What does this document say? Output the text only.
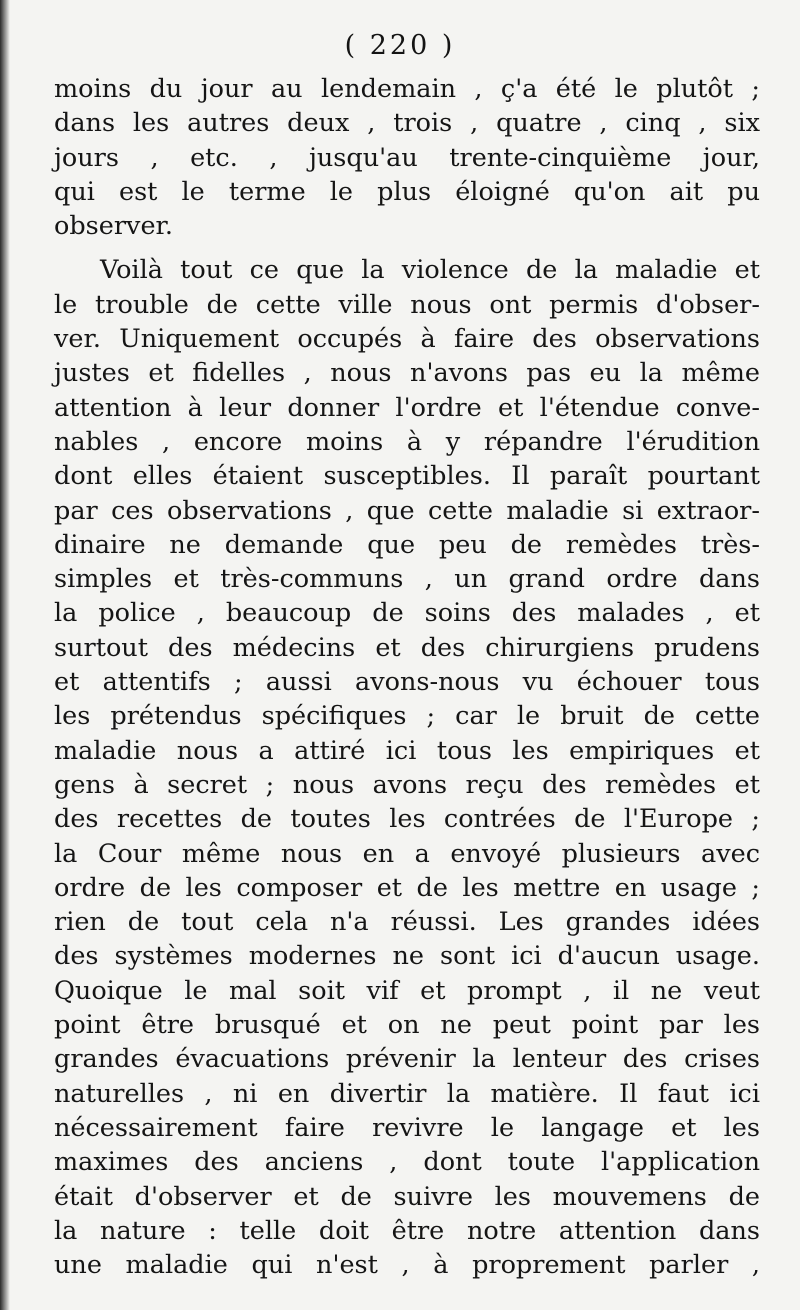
( 220 )
moins du jour au lendemain , ç'a été le plutôt ;
dans les autres deux , trois , quatre , cinq , six
jours , etc. , jusqu'au trente-cinquième jour,
qui est le terme le plus éloigné qu'on ait pu
observer.
Voilà tout ce que la violence de la maladie et
le trouble de cette ville nous ont permis d'obser-
ver. Uniquement occupés à faire des observations
justes et fidelles , nous n'avons pas eu la même
attention à leur donner l'ordre et l'étendue conve-
nables , encore moins à y répandre l'érudition
dont elles étaient susceptibles. Il paraît pourtant
par ces observations , que cette maladie si extraor-
dinaire ne demande que peu de remèdes très-
simples et très-communs , un grand ordre dans
la police , beaucoup de soins des malades , et
surtout des médecins et des chirurgiens prudens
et attentifs ; aussi avons-nous vu échouer tous
les prétendus spécifiques ; car le bruit de cette
maladie nous a attiré ici tous les empiriques et
gens à secret ; nous avons reçu des remèdes et
des recettes de toutes les contrées de l'Europe ;
la Cour même nous en a envoyé plusieurs avec
ordre de les composer et de les mettre en usage ;
rien de tout cela n'a réussi. Les grandes idées
des systèmes modernes ne sont ici d'aucun usage.
Quoique le mal soit vif et prompt , il ne veut
point être brusqué et on ne peut point par les
grandes évacuations prévenir la lenteur des crises
naturelles , ni en divertir la matière. Il faut ici
nécessairement faire revivre le langage et les
maximes des anciens , dont toute l'application
était d'observer et de suivre les mouvemens de
la nature : telle doit être notre attention dans
une maladie qui n'est , à proprement parler ,
